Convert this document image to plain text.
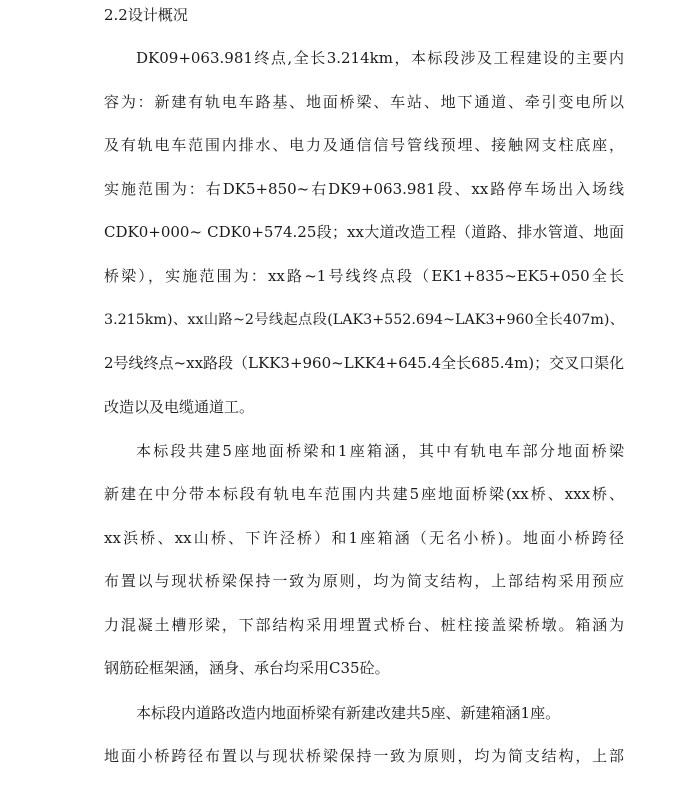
2.2设计概况
DK09+063.981终点,全长3.214km，本标段涉及工程建设的主要内
容为：新建有轨电车路基、地面桥梁、车站、地下通道、牵引变电所以
及有轨电车范围内排水、电力及通信信号管线预埋、接触网支柱底座，
实施范围为：右DK5+850~右DK9+063.981段、xx路停车场出入场线
CDK0+000~ CDK0+574.25段；xx大道改造工程（道路、排水管道、地面
桥梁），实施范围为：xx路~1号线终点段（EK1+835~EK5+050全长
3.215km)、xx山路~2号线起点段(LAK3+552.694~LAK3+960全长407m)、
2号线终点~xx路段（LKK3+960~LKK4+645.4全长685.4m)；交叉口渠化
改造以及电缆通道工。
本标段共建5座地面桥梁和1座箱涵，其中有轨电车部分地面桥梁
新建在中分带本标段有轨电车范围内共建5座地面桥梁(xx桥、xxx桥、
xx浜桥、xx山桥、下许泾桥）和1座箱涵（无名小桥)。地面小桥跨径
布置以与现状桥梁保持一致为原则，均为简支结构，上部结构采用预应
力混凝土槽形梁，下部结构采用埋置式桥台、桩柱接盖梁桥墩。箱涵为
钢筋砼框架涵，涵身、承台均采用C35砼。
本标段内道路改造内地面桥梁有新建改建共5座、新建箱涵1座。
地面小桥跨径布置以与现状桥梁保持一致为原则，均为简支结构，上部
